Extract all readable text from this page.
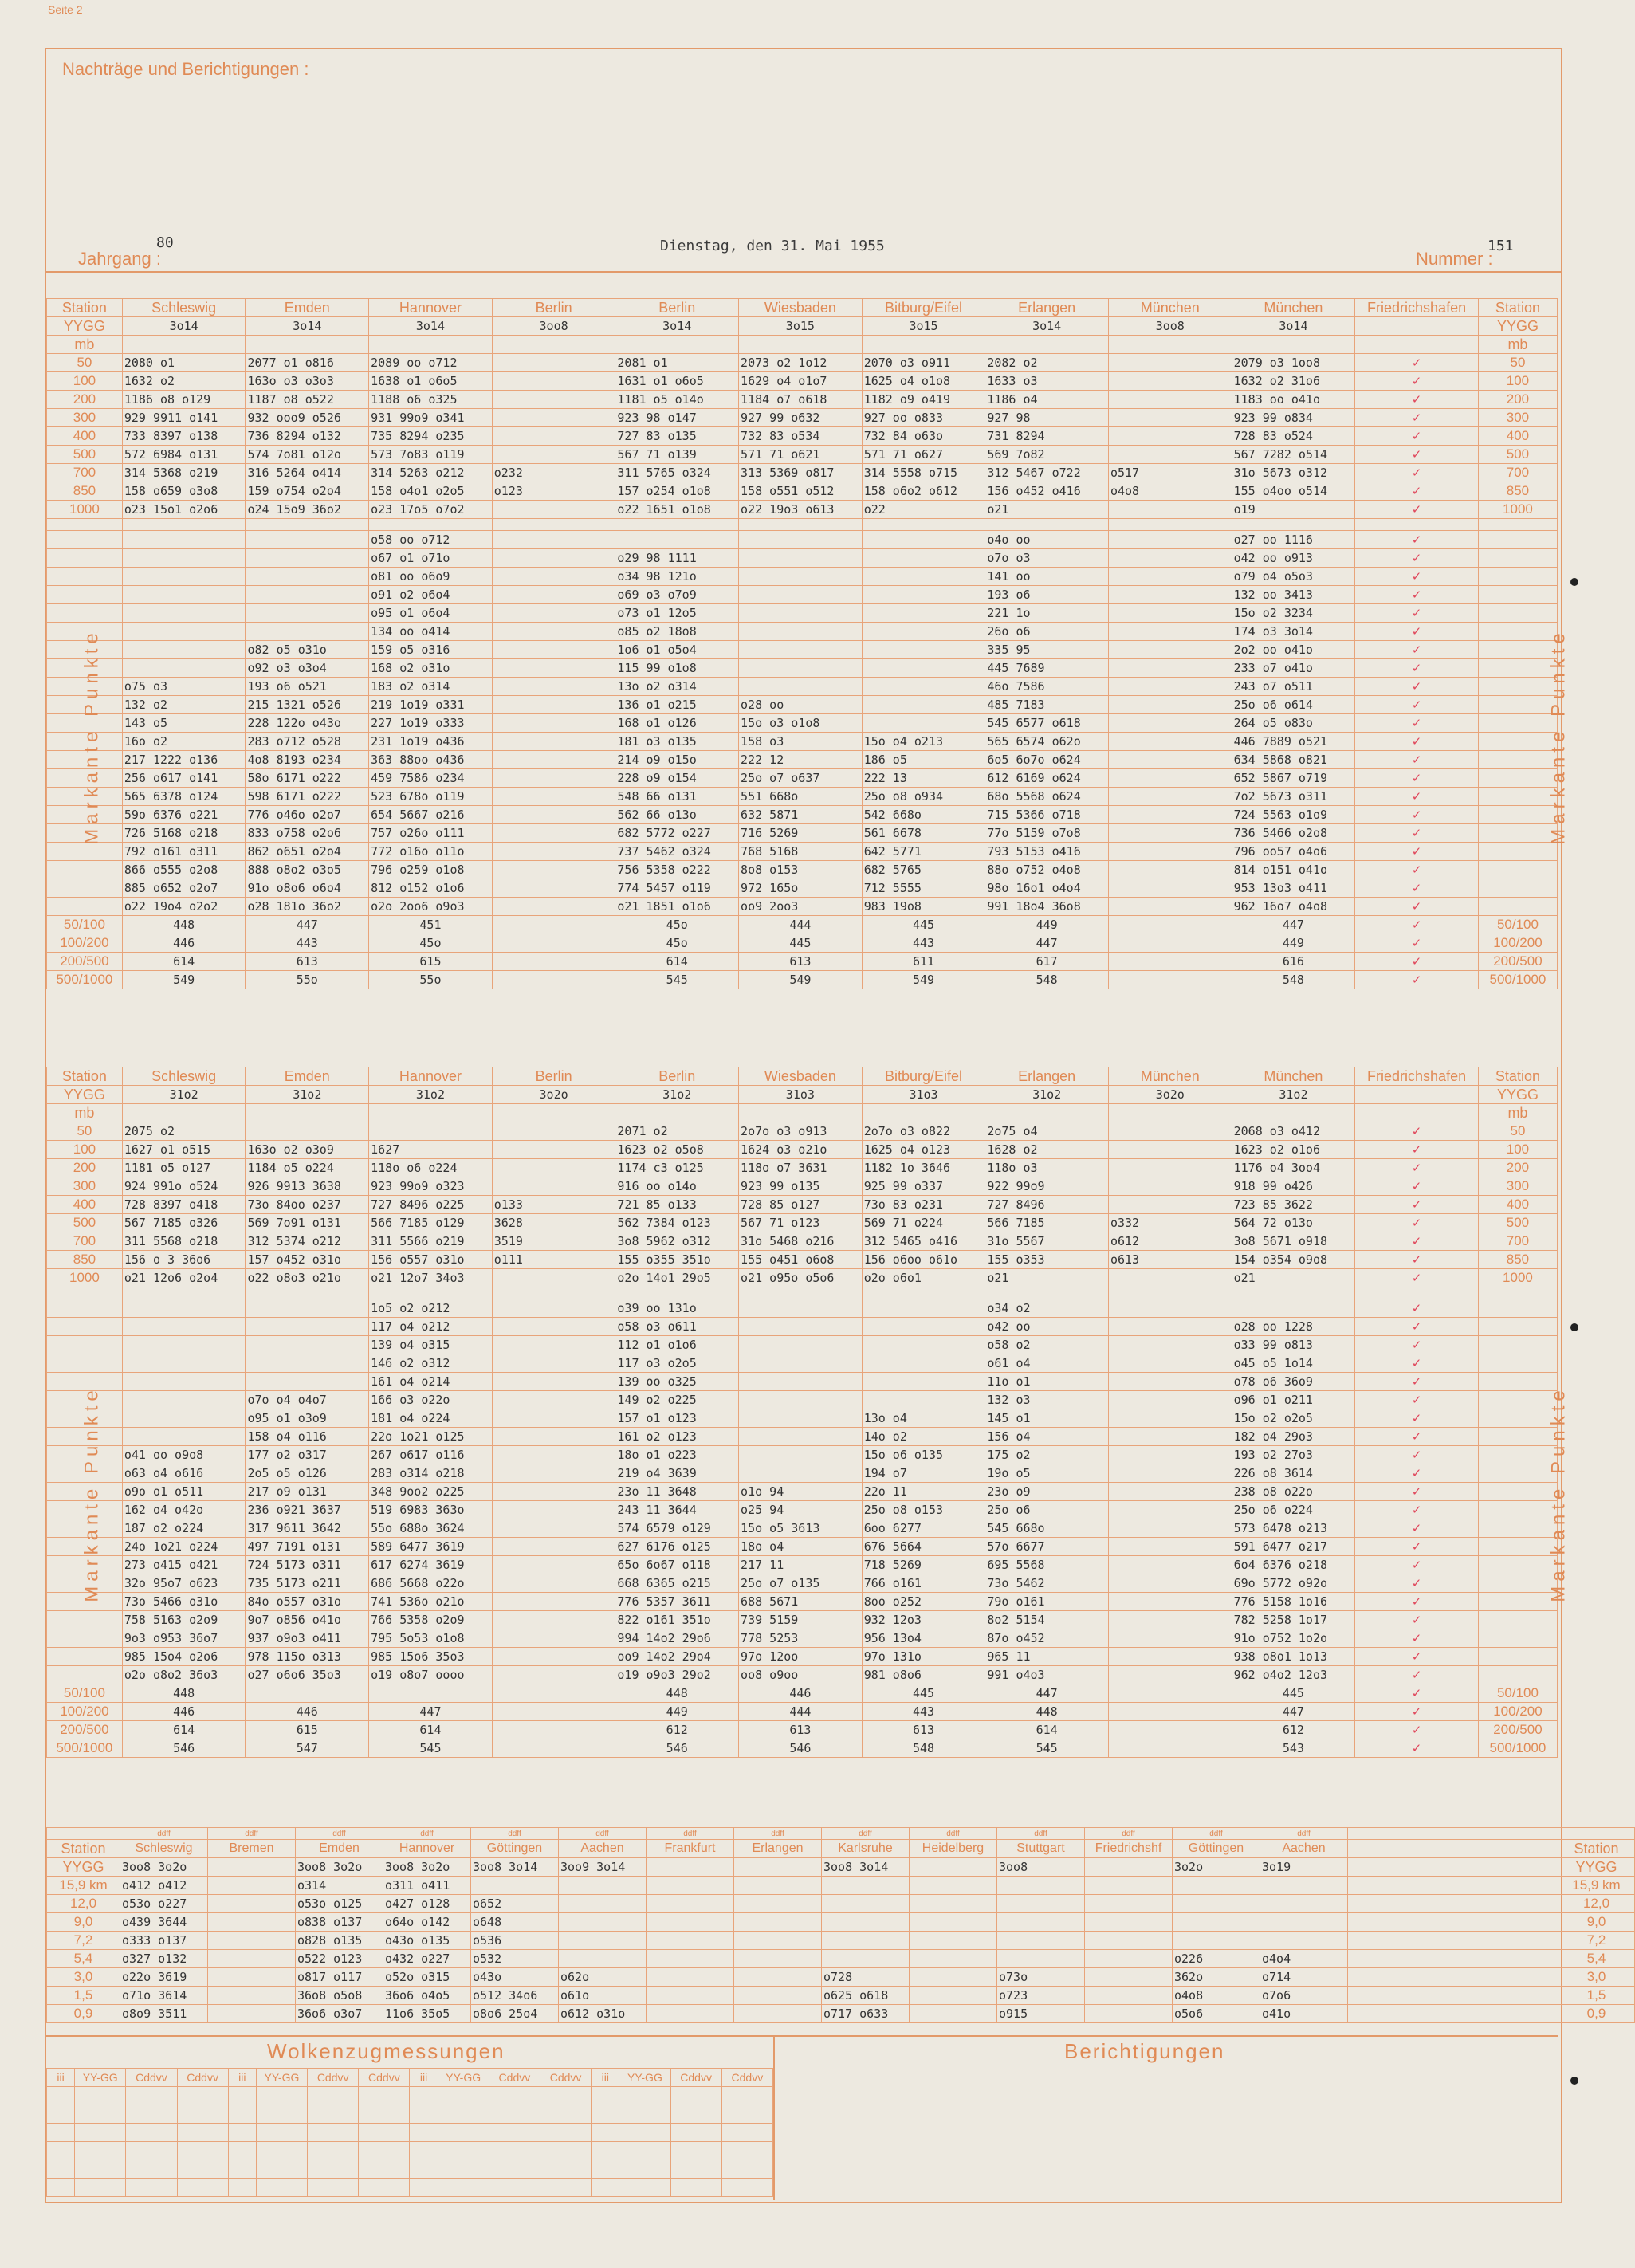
Seite 2
Nachträge und Berichtigungen :
Jahrgang :
80	Dienstag, den 31. Mai 1955
Nummer :
151
Station	Schleswig	Emden	Hannover	Berlin	Berlin	Wiesbaden	Bitburg/Eifel	Erlangen	München	München	Friedrichshafen	Station
YYGG	3o14	3o14	3o14	3oo8	3o14	3o15	3o15	3o14	3oo8	3o14		YYGG
mb												mb
50	2080 o1	2077 o1 o816	2089 oo o712		2081 o1	2073 o2 1o12	2070 o3 o911	2082 o2		2079 o3 1oo8	✓	50
100	1632 o2	163o o3 o3o3	1638 o1 o6o5		1631 o1 o6o5	1629 o4 o1o7	1625 o4 o1o8	1633 o3		1632 o2 31o6	✓	100
200	1186 o8 o129	1187 o8 o522	1188 o6 o325		1181 o5 o14o	1184 o7 o618	1182 o9 o419	1186 o4		1183 oo o41o	✓	200
300	929 9911 o141	932 ooo9 o526	931 99o9 o341		923 98 o147	927 99 o632	927 oo o833	927 98		923 99 o834	✓	300
400	733 8397 o138	736 8294 o132	735 8294 o235		727 83 o135	732 83 o534	732 84 o63o	731 8294		728 83 o524	✓	400
500	572 6984 o131	574 7o81 o12o	573 7o83 o119		567 71 o139	571 71 o621	571 71 o627	569 7o82		567 7282 o514	✓	500
700	314 5368 o219	316 5264 o414	314 5263 o212	o232	311 5765 o324	313 5369 o817	314 5558 o715	312 5467 o722	o517	31o 5673 o312	✓	700
850	158 o659 o3o8	159 o754 o2o4	158 o4o1 o2o5	o123	157 o254 o1o8	158 o551 o512	158 o6o2 o612	156 o452 o416	o4o8	155 o4oo o514	✓	850
1000	o23 15o1 o2o6	o24 15o9 36o2	o23 17o5 o7o2		o22 1651 o1o8	o22 19o3 o613	o22	o21		o19	✓	1000

			o58 oo o712					o4o oo		o27 oo 1116	✓	
			o67 o1 o71o		o29 98 1111			o7o o3		o42 oo o913	✓	
			o81 oo o6o9		o34 98 121o			141 oo		o79 o4 o5o3	✓	
			o91 o2 o6o4		o69 o3 o7o9			193 o6		132 oo 3413	✓	
			o95 o1 o6o4		o73 o1 12o5			221 1o		15o o2 3234	✓	
			134 oo o414		o85 o2 18o8			26o o6		174 o3 3o14	✓	
		o82 o5 o31o	159 o5 o316		1o6 o1 o5o4			335 95		2o2 oo o41o	✓	
		o92 o3 o3o4	168 o2 o31o		115 99 o1o8			445 7689		233 o7 o41o	✓	
	o75 o3	193 o6 o521	183 o2 o314		13o o2 o314			46o 7586		243 o7 o511	✓	
	132 o2	215 1321 o526	219 1o19 o331		136 o1 o215	o28 oo		485 7183		25o o6 o614	✓	
	143 o5	228 122o o43o	227 1o19 o333		168 o1 o126	15o o3 o1o8		545 6577 o618		264 o5 o83o	✓	
	16o o2	283 o712 o528	231 1o19 o436		181 o3 o135	158 o3	15o o4 o213	565 6574 o62o		446 7889 o521	✓	
	217 1222 o136	4o8 8193 o234	363 88oo o436		214 o9 o15o	222 12	186 o5	6o5 6o7o o624		634 5868 o821	✓	
	256 o617 o141	58o 6171 o222	459 7586 o234		228 o9 o154	25o o7 o637	222 13	612 6169 o624		652 5867 o719	✓	
	565 6378 o124	598 6171 o222	523 678o o119		548 66 o131	551 668o	25o o8 o934	68o 5568 o624		7o2 5673 o311	✓	
	59o 6376 o221	776 o46o o2o7	654 5667 o216		562 66 o13o	632 5871	542 668o	715 5366 o718		724 5563 o1o9	✓	
	726 5168 o218	833 o758 o2o6	757 o26o o111		682 5772 o227	716 5269	561 6678	77o 5159 o7o8		736 5466 o2o8	✓	
	792 o161 o311	862 o651 o2o4	772 o16o o11o		737 5462 o324	768 5168	642 5771	793 5153 o416		796 oo57 o4o6	✓	
	866 o555 o2o8	888 o8o2 o3o5	796 o259 o1o8		756 5358 o222	8o8 o153	682 5765	88o o752 o4o8		814 o151 o41o	✓	
	885 o652 o2o7	91o o8o6 o6o4	812 o152 o1o6		774 5457 o119	972 165o	712 5555	98o 16o1 o4o4		953 13o3 o411	✓	
	o22 19o4 o2o2	o28 181o 36o2	o2o 2oo6 o9o3		o21 1851 o1o6	oo9 2oo3	983 19o8	991 18o4 36o8		962 16o7 o4o8	✓	
50/100	448	447	451		45o	444	445	449		447	✓	50/100
100/200	446	443	45o		45o	445	443	447		449	✓	100/200
200/500	614	613	615		614	613	611	617		616	✓	200/500
500/1000	549	55o	55o		545	549	549	548		548	✓	500/1000
Station	Schleswig	Emden	Hannover	Berlin	Berlin	Wiesbaden	Bitburg/Eifel	Erlangen	München	München	Friedrichshafen	Station
YYGG	31o2	31o2	31o2	3o2o	31o2	31o3	31o3	31o2	3o2o	31o2		YYGG
mb												mb
50	2075 o2				2071 o2	2o7o o3 o913	2o7o o3 o822	2o75 o4		2068 o3 o412	✓	50
100	1627 o1 o515	163o o2 o3o9	1627		1623 o2 o5o8	1624 o3 o21o	1625 o4 o123	1628 o2		1623 o2 o1o6	✓	100
200	1181 o5 o127	1184 o5 o224	118o o6 o224		1174 c3 o125	118o o7 3631	1182 1o 3646	118o o3		1176 o4 3oo4	✓	200
300	924 991o o524	926 9913 3638	923 99o9 o323		916 oo o14o	923 99 o135	925 99 o337	922 99o9		918 99 o426	✓	300
400	728 8397 o418	73o 84oo o237	727 8496 o225	o133	721 85 o133	728 85 o127	73o 83 o231	727 8496		723 85 3622	✓	400
500	567 7185 o326	569 7o91 o131	566 7185 o129	3628	562 7384 o123	567 71 o123	569 71 o224	566 7185	o332	564 72 o13o	✓	500
700	311 5568 o218	312 5374 o212	311 5566 o219	3519	3o8 5962 o312	31o 5468 o216	312 5465 o416	31o 5567	o612	3o8 5671 o918	✓	700
850	156 o 3 36o6	157 o452 o31o	156 o557 o31o	o111	155 o355 351o	155 o451 o6o8	156 o6oo o61o	155 o353	o613	154 o354 o9o8	✓	850
1000	o21 12o6 o2o4	o22 o8o3 o21o	o21 12o7 34o3		o2o 14o1 29o5	o21 o95o o5o6	o2o o6o1	o21		o21	✓	1000

			1o5 o2 o212		o39 oo 131o			o34 o2			✓	
			117 o4 o212		o58 o3 o611			o42 oo		o28 oo 1228	✓	
			139 o4 o315		112 o1 o1o6			o58 o2		o33 99 o813	✓	
			146 o2 o312		117 o3 o2o5			o61 o4		o45 o5 1o14	✓	
			161 o4 o214		139 oo o325			11o o1		o78 o6 36o9	✓	
		o7o o4 o4o7	166 o3 o22o		149 o2 o225			132 o3		o96 o1 o211	✓	
		o95 o1 o3o9	181 o4 o224		157 o1 o123		13o o4	145 o1		15o o2 o2o5	✓	
		158 o4 o116	22o 1o21 o125		161 o2 o123		14o o2	156 o4		182 o4 29o3	✓	
	o41 oo o9o8	177 o2 o317	267 o617 o116		18o o1 o223		15o o6 o135	175 o2		193 o2 27o3	✓	
	o63 o4 o616	2o5 o5 o126	283 o314 o218		219 o4 3639		194 o7	19o o5		226 o8 3614	✓	
	o9o o1 o511	217 o9 o131	348 9oo2 o225		23o 11 3648	o1o 94	22o 11	23o o9		238 o8 o22o	✓	
	162 o4 o42o	236 o921 3637	519 6983 363o		243 11 3644	o25 94	25o o8 o153	25o o6		25o o6 o224	✓	
	187 o2 o224	317 9611 3642	55o 688o 3624		574 6579 o129	15o o5 3613	6oo 6277	545 668o		573 6478 o213	✓	
	24o 1o21 o224	497 7191 o131	589 6477 3619		627 6176 o125	18o o4	676 5664	57o 6677		591 6477 o217	✓	
	273 o415 o421	724 5173 o311	617 6274 3619		65o 6o67 o118	217 11	718 5269	695 5568		6o4 6376 o218	✓	
	32o 95o7 o623	735 5173 o211	686 5668 o22o		668 6365 o215	25o o7 o135	766 o161	73o 5462		69o 5772 o92o	✓	
	73o 5466 o31o	84o o557 o31o	741 536o o21o		776 5357 3611	688 5671	8oo o252	79o o161		776 5158 1o16	✓	
	758 5163 o2o9	9o7 o856 o41o	766 5358 o2o9		822 o161 351o	739 5159	932 12o3	8o2 5154		782 5258 1o17	✓	
	9o3 o953 36o7	937 o9o3 o411	795 5o53 o1o8		994 14o2 29o6	778 5253	956 13o4	87o o452		91o o752 1o2o	✓	
	985 15o4 o2o6	978 115o o313	985 15o6 35o3		oo9 14o2 29o4	97o 12oo	97o 131o	965 11		938 o8o1 1o13	✓	
	o2o o8o2 36o3	o27 o6o6 35o3	o19 o8o7 oooo		o19 o9o3 29o2	oo8 o9oo	981 o8o6	991 o4o3		962 o4o2 12o3	✓	
50/100	448				448	446	445	447		445	✓	50/100
100/200	446	446	447		449	444	443	448		447	✓	100/200
200/500	614	615	614		612	613	613	614		612	✓	200/500
500/1000	546	547	545		546	546	548	545		543	✓	500/1000
	ddff	ddff	ddff	ddff	ddff	ddff	ddff	ddff	ddff	ddff	ddff	ddff	ddff	ddff		
Station	Schleswig	Bremen	Emden	Hannover	Göttingen	Aachen	Frankfurt	Erlangen	Karlsruhe	Heidelberg	Stuttgart	Friedrichshf	Göttingen	Aachen		Station
YYGG	3oo8 3o2o		3oo8 3o2o	3oo8 3o2o	3oo8 3o14	3oo9 3o14			3oo8 3o14		3oo8		3o2o	3o19		YYGG
15,9 km	o412 o412		o314	o311 o411												15,9 km
12,0	o53o o227		o53o o125	o427 o128	o652											12,0
9,0	o439 3644		o838 o137	o64o o142	o648											9,0
7,2	o333 o137		o828 o135	o43o o135	o536											7,2
5,4	o327 o132		o522 o123	o432 o227	o532								o226	o4o4		5,4
3,0	o22o 3619		o817 o117	o52o o315	o43o	o62o			o728		o73o		362o	o714		3,0
1,5	o71o 3614		36o8 o5o8	36o6 o4o5	o512 34o6	o61o			o625 o618		o723		o4o8	o7o6		1,5
0,9	o8o9 3511		36o6 o3o7	11o6 35o5	o8o6 25o4	o612 o31o			o717 o633		o915		o5o6	o41o		0,9
Markante Punkte	Markante Punkte
Markante Punkte	Markante Punkte
Wolkenzugmessungen	Berichtigungen
iii	YY-GG	Cddvv	Cddvv	iii	YY-GG	Cddvv	Cddvv	iii	YY-GG	Cddvv	Cddvv	iii	YY-GG	Cddvv	Cddvv
